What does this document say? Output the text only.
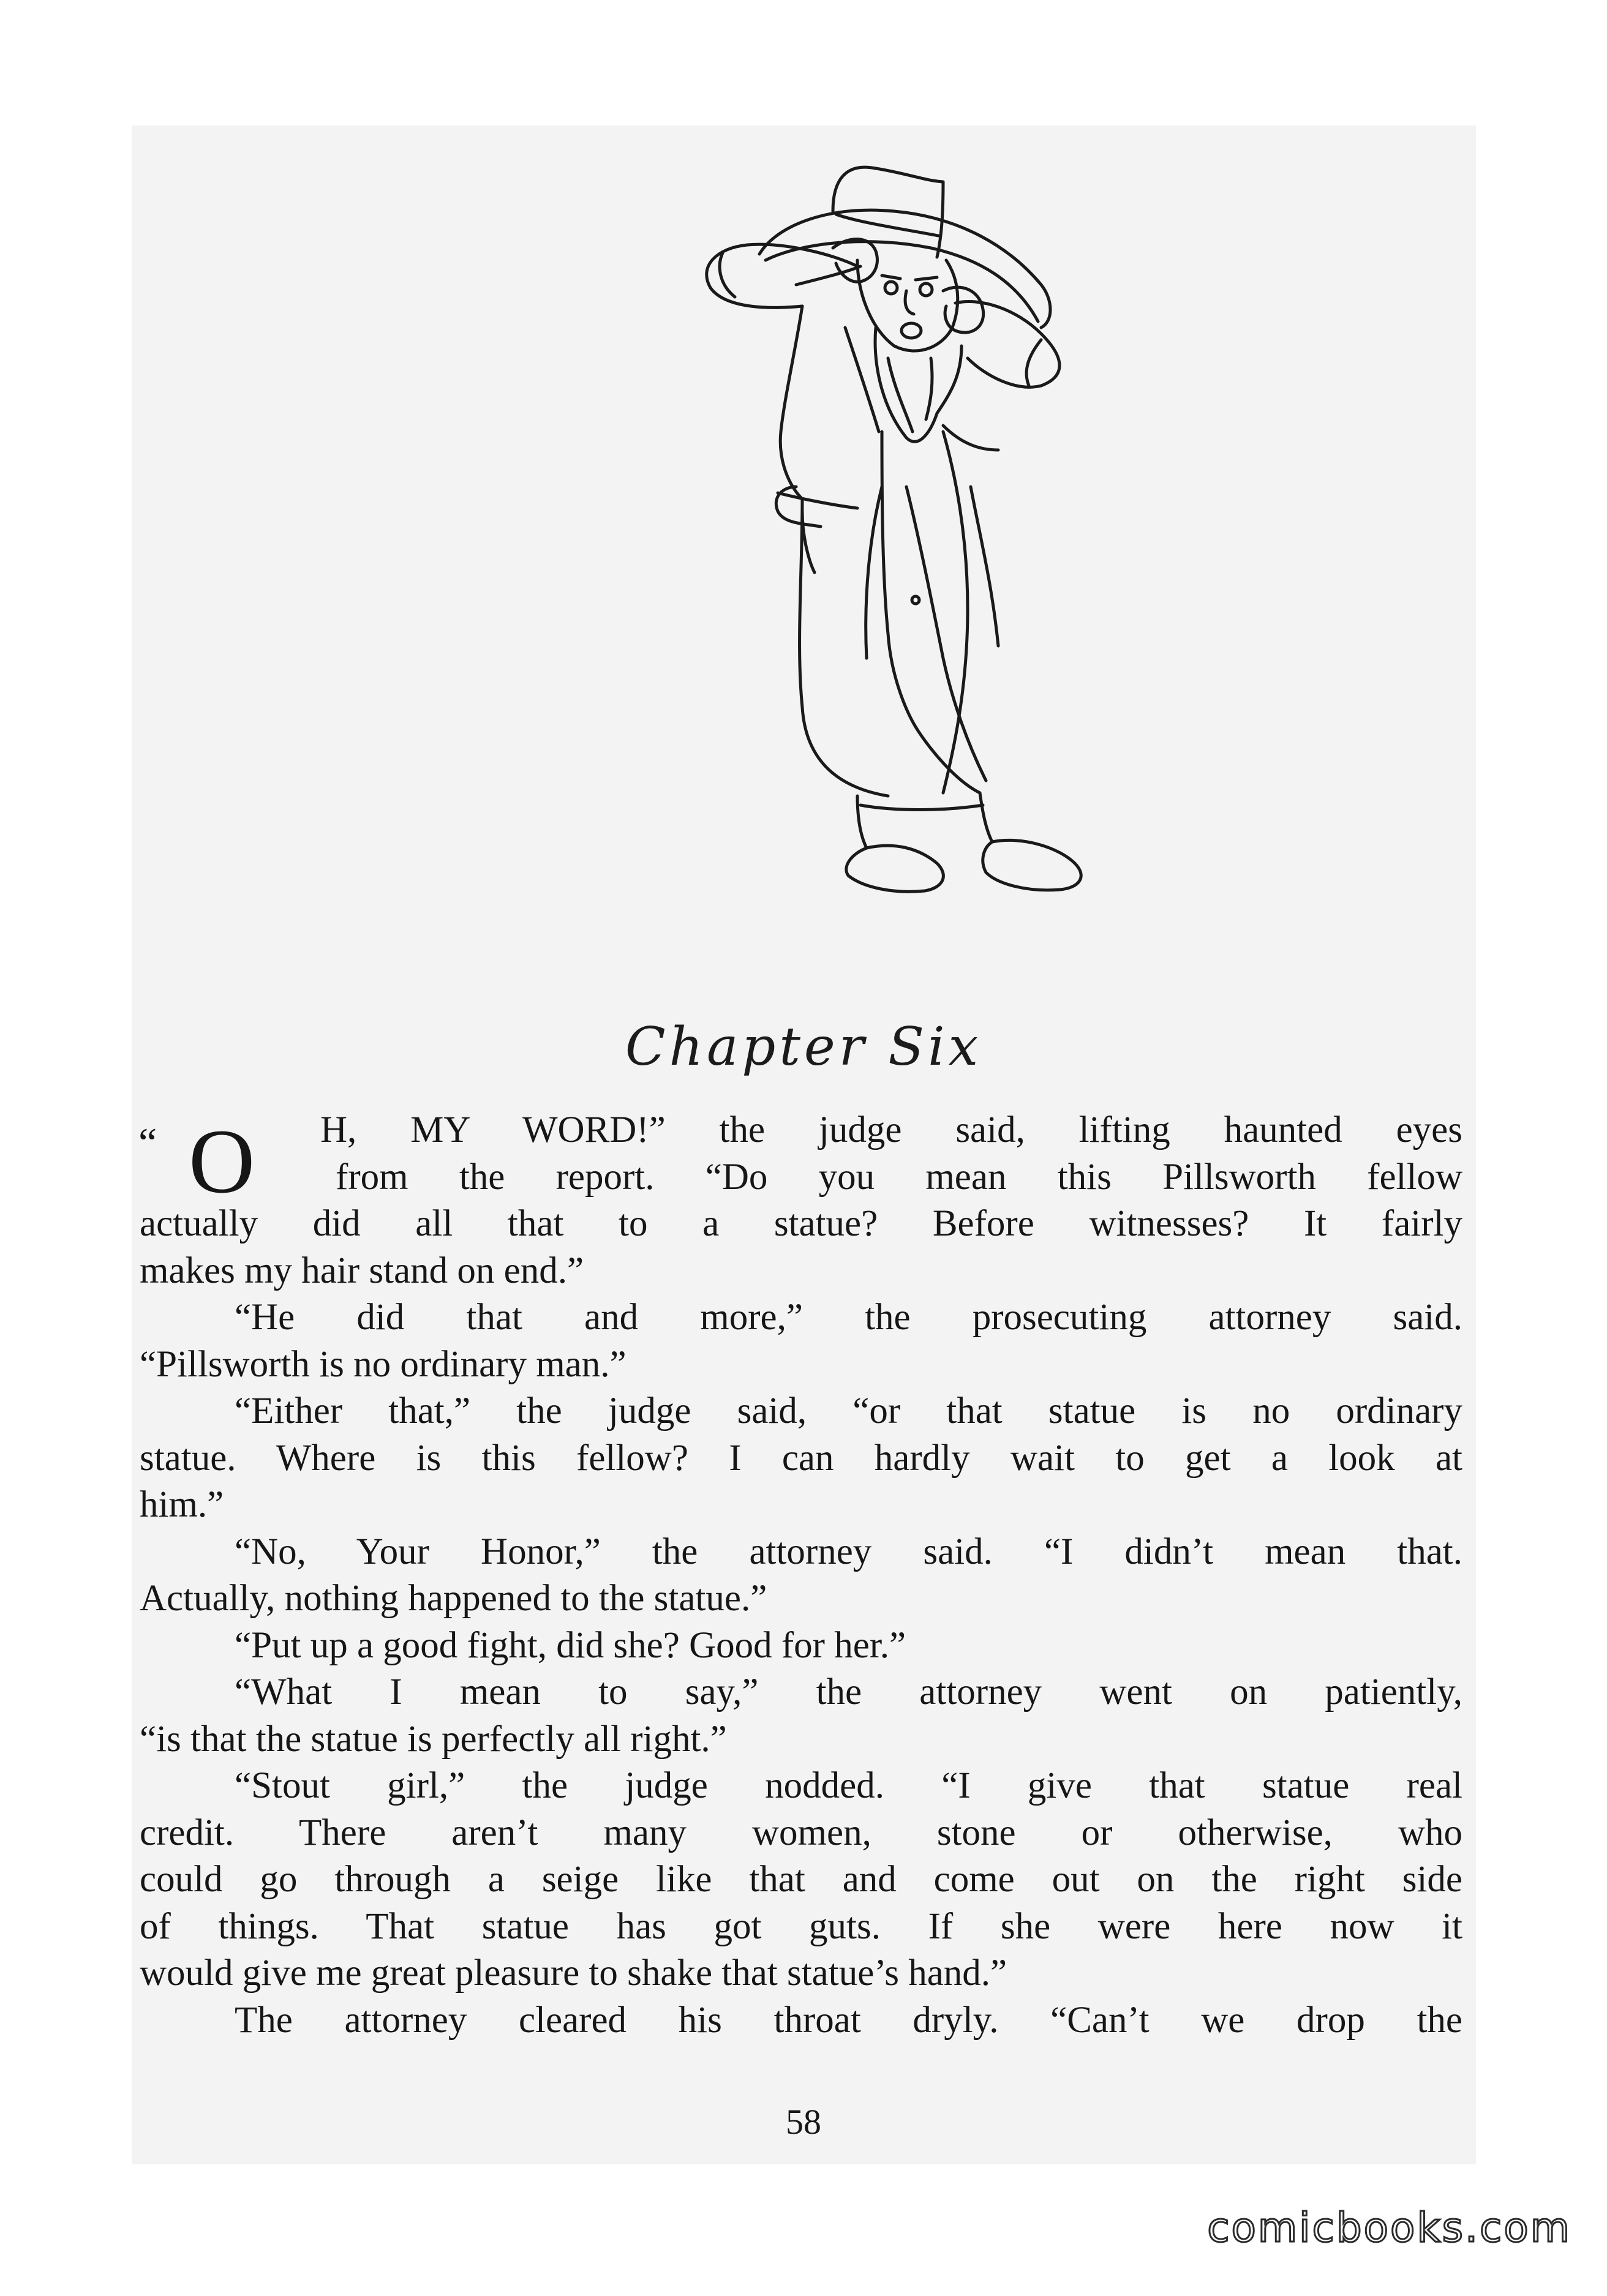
Chapter Six
“ O	H, MY WORD!” the judge said, lifting haunted eyes
from the report. “Do you mean this Pillsworth fellow
actually did all that to a statue? Before witnesses? It fairly
makes my hair stand on end.”
“He did that and more,” the prosecuting attorney said.
“Pillsworth is no ordinary man.”
“Either that,” the judge said, “or that statue is no ordinary
statue. Where is this fellow? I can hardly wait to get a look at
him.”
“No, Your Honor,” the attorney said. “I didn’t mean that.
Actually, nothing happened to the statue.”
“Put up a good fight, did she? Good for her.”
“What I mean to say,” the attorney went on patiently,
“is that the statue is perfectly all right.”
“Stout girl,” the judge nodded. “I give that statue real
credit. There aren’t many women, stone or otherwise, who
could go through a seige like that and come out on the right side
of things. That statue has got guts. If she were here now it
would give me great pleasure to shake that statue’s hand.”
The attorney cleared his throat dryly. “Can’t we drop the
58
comicbooks.com
